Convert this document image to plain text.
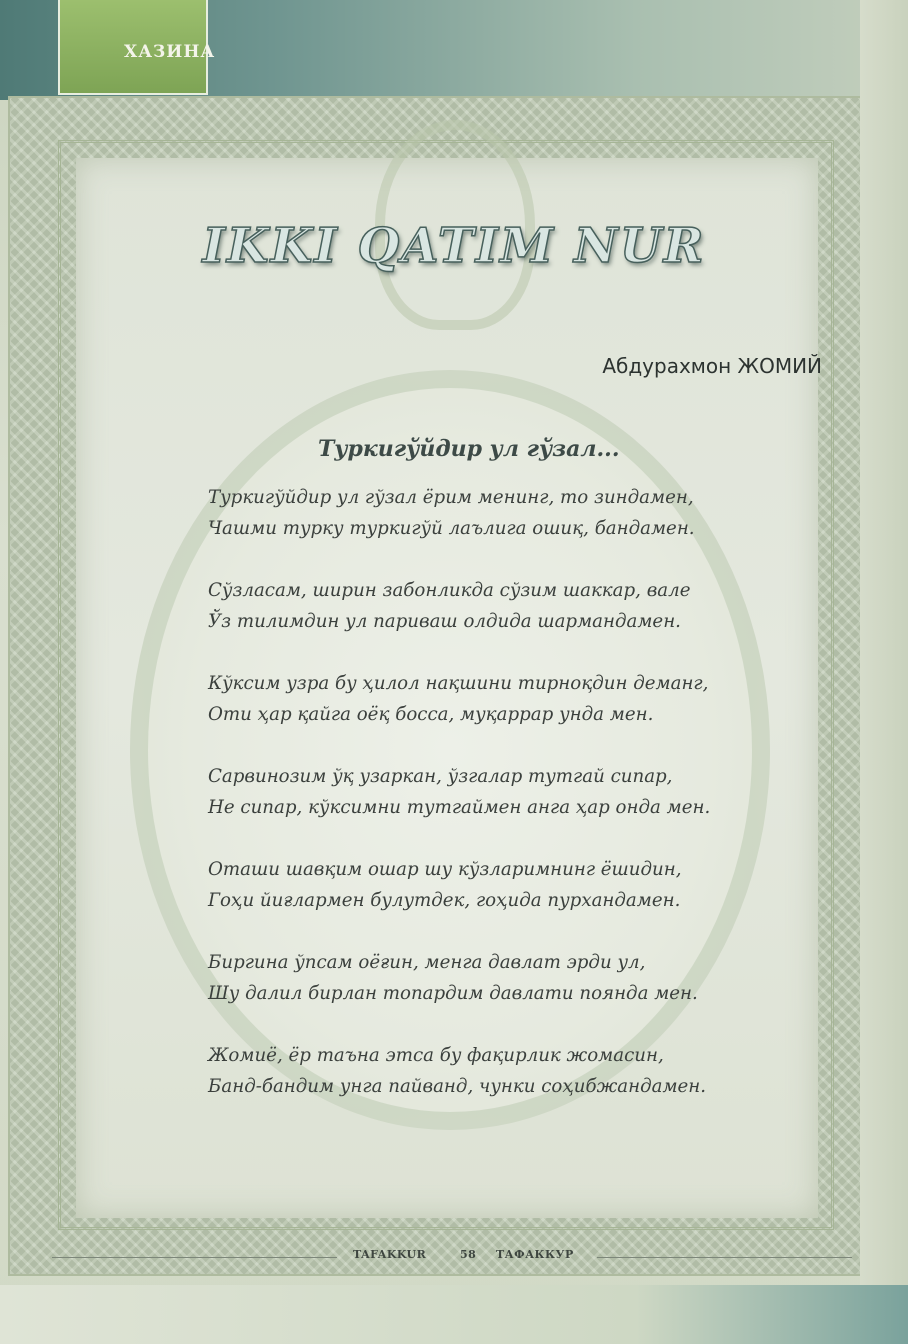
ХАЗИНА
IKKI QATIM NUR
Абдурахмон ЖОМИЙ
Туркигўйдир ул гўзал...
Туркигўйдир ул гўзал ёрим менинг, то зиндамен,
Чашми турку туркигўй лаълига ошиқ, бандамен.
Сўзласам, ширин забонликда сўзим шаккар, вале
Ўз тилимдин ул париваш олдида шармандамен.
Кўксим узра бу ҳилол нақшини тирноқдин деманг,
Оти ҳар қайга оёқ босса, муқаррар унда мен.
Сарвинозим ўқ узаркан, ўзгалар тутгай сипар,
Не сипар, кўксимни тутгаймен анга ҳар онда мен.
Оташи шавқим ошар шу кўзларимнинг ёшидин,
Гоҳи йиғлармен булутдек, гоҳида пурхандамен.
Биргина ўпсам оёғин, менга давлат эрди ул,
Шу далил бирлан топардим давлати поянда мен.
Жомиё, ёр таъна этса бу фақирлик жомасин,
Банд-бандим унга пайванд, чунки соҳибжандамен.
TAFAKKUR	58 ТАФАККУР
